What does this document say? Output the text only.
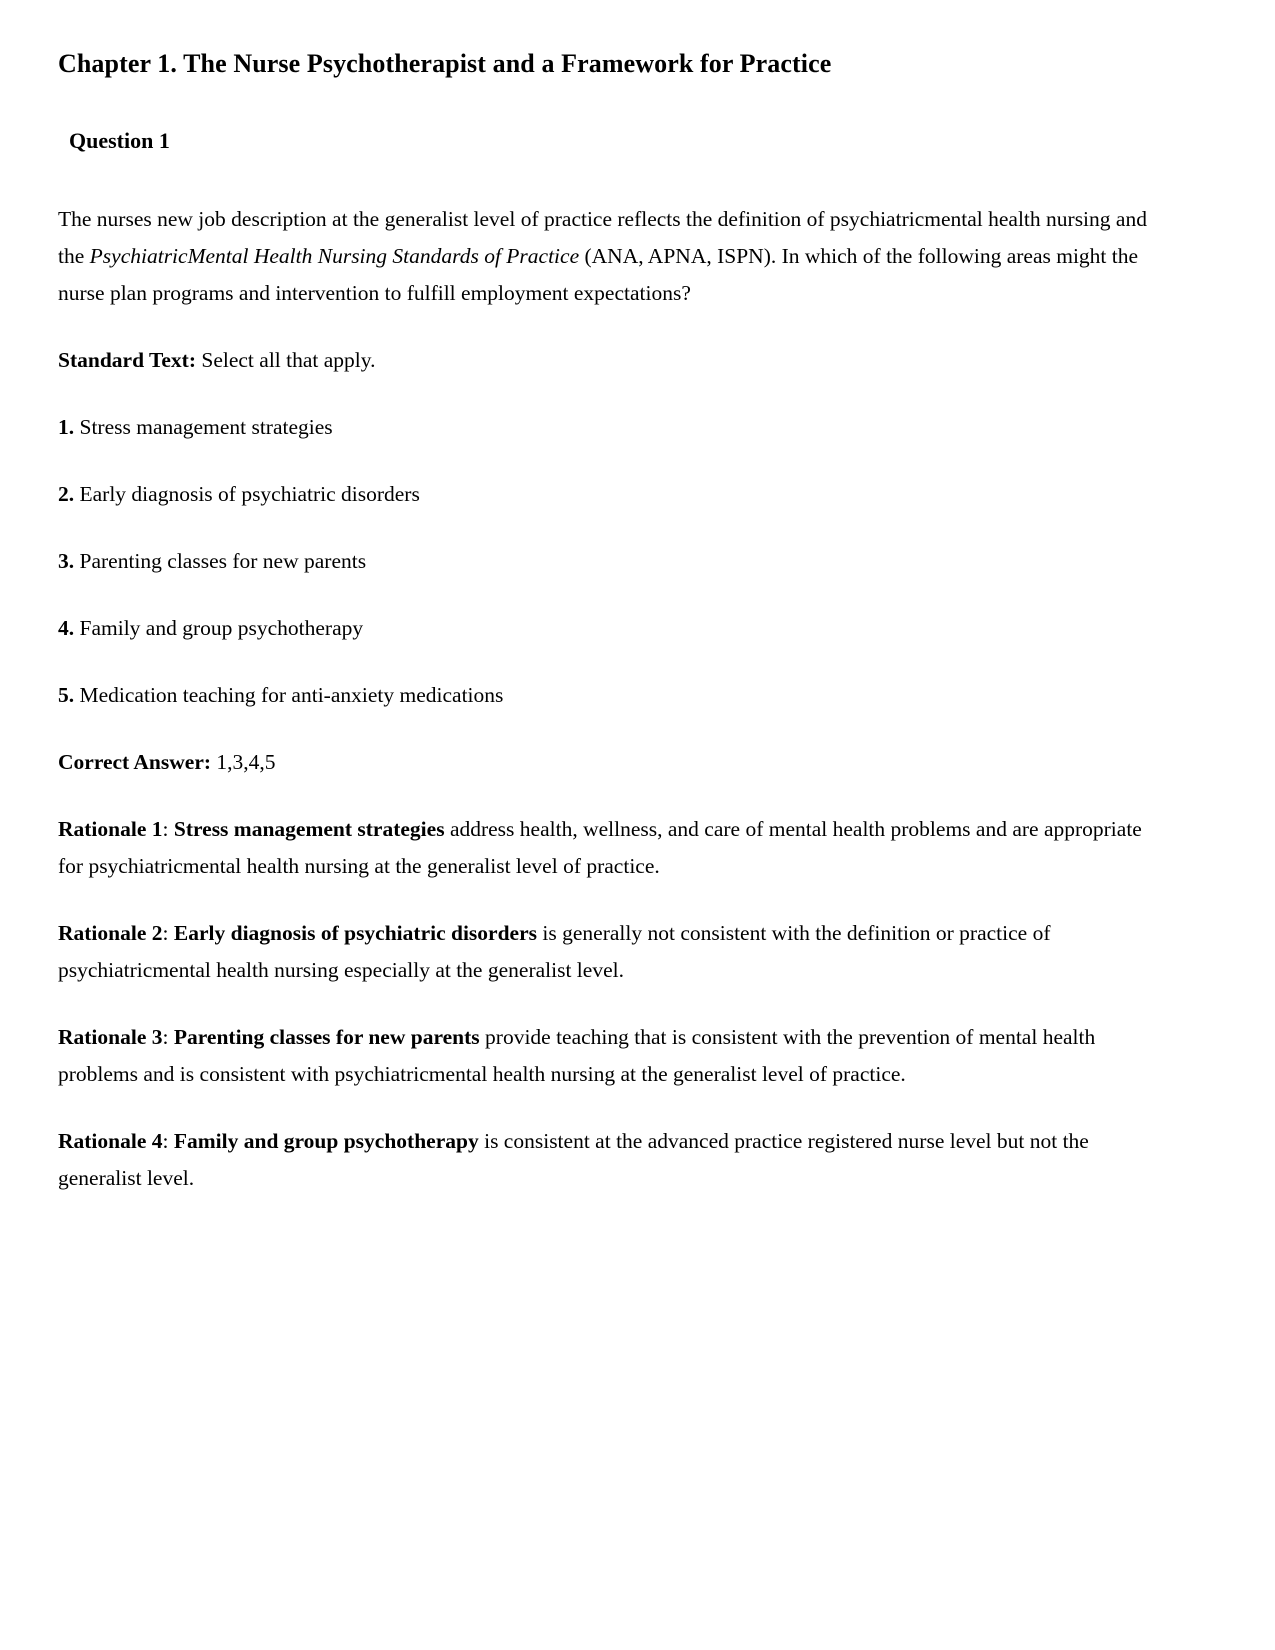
Chapter 1. The Nurse Psychotherapist and a Framework for Practice
Question 1

The nurses new job description at the generalist level of practice reflects the definition of psychiatricmental health nursing and the PsychiatricMental Health Nursing Standards of Practice (ANA, APNA, ISPN). In which of the following areas might the nurse plan programs and intervention to fulfill employment expectations?

Standard Text: Select all that apply.

1. Stress management strategies

2. Early diagnosis of psychiatric disorders

3. Parenting classes for new parents

4. Family and group psychotherapy

5. Medication teaching for anti-anxiety medications

Correct Answer: 1,3,4,5

Rationale 1: Stress management strategies address health, wellness, and care of mental health problems and are appropriate for psychiatricmental health nursing at the generalist level of practice.

Rationale 2: Early diagnosis of psychiatric disorders is generally not consistent with the definition or practice of psychiatricmental health nursing especially at the generalist level.

Rationale 3: Parenting classes for new parents provide teaching that is consistent with the prevention of mental health problems and is consistent with psychiatricmental health nursing at the generalist level of practice.

Rationale 4: Family and group psychotherapy is consistent at the advanced practice registered nurse level but not the generalist level.
